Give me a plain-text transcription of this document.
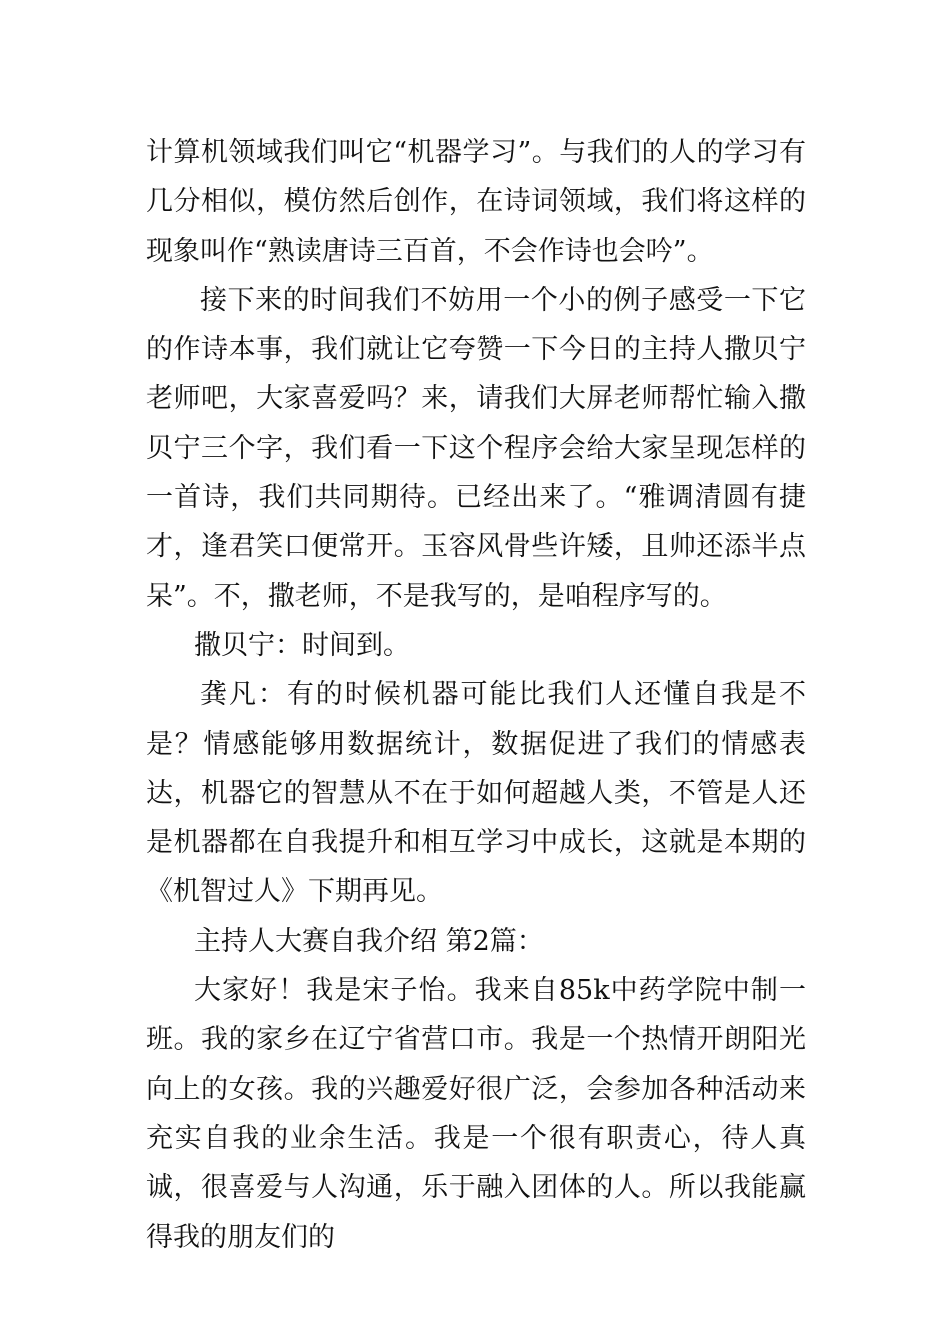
计算机领域我们叫它“机器学习”。与我们的人的学习有几分相似，模仿然后创作，在诗词领域，我们将这样的现象叫作“熟读唐诗三百首，不会作诗也会吟”。

接下来的时间我们不妨用一个小的例子感受一下它的作诗本事，我们就让它夸赞一下今日的主持人撒贝宁老师吧，大家喜爱吗？来，请我们大屏老师帮忙输入撒贝宁三个字，我们看一下这个程序会给大家呈现怎样的一首诗，我们共同期待。已经出来了。“雅调清圆有捷才，逢君笑口便常开。玉容风骨些许矮，且帅还添半点呆”。不，撒老师，不是我写的，是咱程序写的。

撒贝宁：时间到。

龚凡：有的时候机器可能比我们人还懂自我是不是？情感能够用数据统计，数据促进了我们的情感表达，机器它的智慧从不在于如何超越人类，不管是人还是机器都在自我提升和相互学习中成长，这就是本期的《机智过人》下期再见。

主持人大赛自我介绍 第2篇：

大家好！我是宋子怡。我来自85k中药学院中制一班。我的家乡在辽宁省营口市。我是一个热情开朗阳光向上的女孩。我的兴趣爱好很广泛，会参加各种活动来充实自我的业余生活。我是一个很有职责心，待人真诚，很喜爱与人沟通，乐于融入团体的人。所以我能赢得我的朋友们的
